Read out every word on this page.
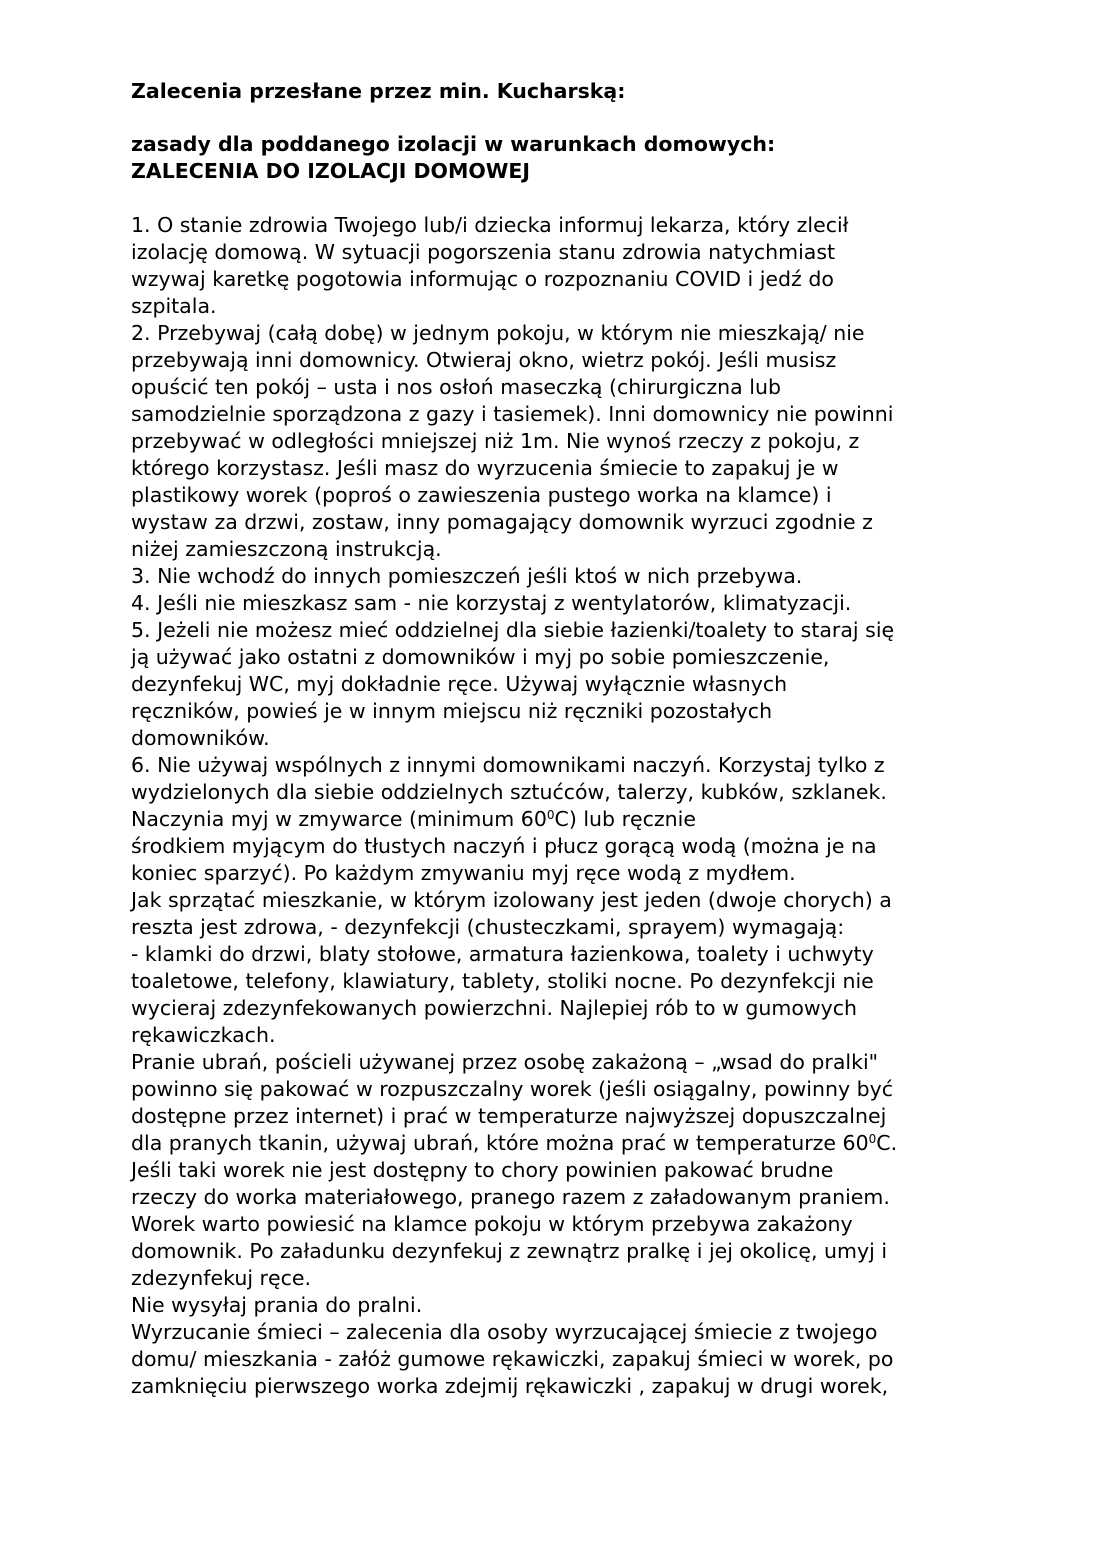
Zalecenia przesłane przez min. Kucharską:
zasady dla poddanego izolacji w warunkach domowych:
ZALECENIA DO IZOLACJI DOMOWEJ
1. O stanie zdrowia Twojego lub/i dziecka informuj lekarza, który zlecił
izolację domową. W sytuacji pogorszenia stanu zdrowia natychmiast
wzywaj karetkę pogotowia informując o rozpoznaniu COVID i jedź do
szpitala.
2. Przebywaj (całą dobę) w jednym pokoju, w którym nie mieszkają/ nie
przebywają inni domownicy. Otwieraj okno, wietrz pokój. Jeśli musisz
opuścić ten pokój – usta i nos osłoń maseczką (chirurgiczna lub
samodzielnie sporządzona z gazy i tasiemek). Inni domownicy nie powinni
przebywać w odległości mniejszej niż 1m. Nie wynoś rzeczy z pokoju, z
którego korzystasz. Jeśli masz do wyrzucenia śmiecie to zapakuj je w
plastikowy worek (poproś o zawieszenia pustego worka na klamce) i
wystaw za drzwi, zostaw, inny pomagający domownik wyrzuci zgodnie z
niżej zamieszczoną instrukcją.
3. Nie wchodź do innych pomieszczeń jeśli ktoś w nich przebywa.
4. Jeśli nie mieszkasz sam - nie korzystaj z wentylatorów, klimatyzacji.
5. Jeżeli nie możesz mieć oddzielnej dla siebie łazienki/toalety to staraj się
ją używać jako ostatni z domowników i myj po sobie pomieszczenie,
dezynfekuj WC, myj dokładnie ręce. Używaj wyłącznie własnych
ręczników, powieś je w innym miejscu niż ręczniki pozostałych
domowników.
6. Nie używaj wspólnych z innymi domownikami naczyń. Korzystaj tylko z
wydzielonych dla siebie oddzielnych sztućców, talerzy, kubków, szklanek.
Naczynia myj w zmywarce (minimum $60^0C$) lub ręcznie
środkiem myjącym do tłustych naczyń i płucz gorącą wodą (można je na
koniec sparzyć). Po każdym zmywaniu myj ręce wodą z mydłem.
Jak sprzątać mieszkanie, w którym izolowany jest jeden (dwoje chorych) a
reszta jest zdrowa, - dezynfekcji (chusteczkami, sprayem) wymagają:
- klamki do drzwi, blaty stołowe, armatura łazienkowa, toalety i uchwyty
toaletowe, telefony, klawiatury, tablety, stoliki nocne. Po dezynfekcji nie
wycieraj zdezynfekowanych powierzchni. Najlepiej rób to w gumowych
rękawiczkach.
Pranie ubrań, pościeli używanej przez osobę zakażoną – „wsad do pralki"
powinno się pakować w rozpuszczalny worek (jeśli osiągalny, powinny być
dostępne przez internet) i prać w temperaturze najwyższej dopuszczalnej
dla pranych tkanin, używaj ubrań, które można prać w temperaturze $60^0C$.
Jeśli taki worek nie jest dostępny to chory powinien pakować brudne
rzeczy do worka materiałowego, pranego razem z załadowanym praniem.
Worek warto powiesić na klamce pokoju w którym przebywa zakażony
domownik. Po załadunku dezynfekuj z zewnątrz pralkę i jej okolicę, umyj i
zdezynfekuj ręce.
Nie wysyłaj prania do pralni.
Wyrzucanie śmieci – zalecenia dla osoby wyrzucającej śmiecie z twojego
domu/ mieszkania - załóż gumowe rękawiczki, zapakuj śmieci w worek, po
zamknięciu pierwszego worka zdejmij rękawiczki , zapakuj w drugi worek,
